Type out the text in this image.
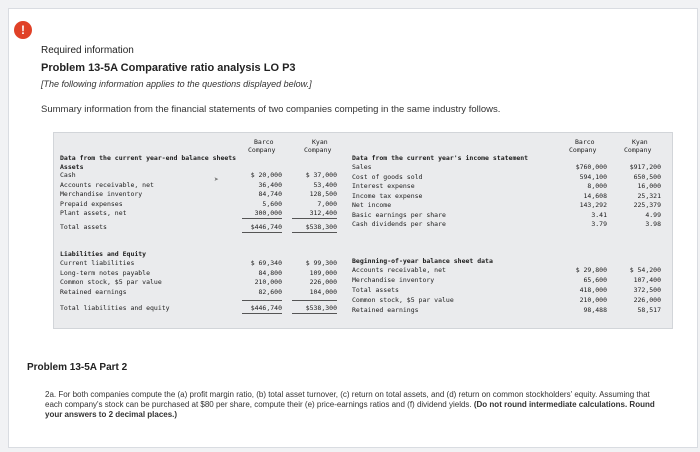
!
Required information
Problem 13-5A Comparative ratio analysis LO P3
[The following information applies to the questions displayed below.]
Summary information from the financial statements of two companies competing in the same industry follows.
Barco	Kyan
Company	Company
Data from the current year-end balance sheets
Assets
Cash	$ 20,000	$ 37,000
Accounts receivable, net	36,400	53,400
Merchandise inventory	84,740	128,500
Prepaid expenses	5,600	7,000
Plant assets, net	300,000	312,400
Total assets	$446,740	$538,300
Liabilities and Equity
Current liabilities	$ 69,340	$ 99,300
Long-term notes payable	84,800	109,000
Common stock, $5 par value	210,000	226,000
Retained earnings	82,600	104,000
Total liabilities and equity	$446,740	$538,300
Barco	Kyan
Company	Company
Data from the current year's income statement
Sales	$760,000	$917,200
Cost of goods sold	594,100	650,500
Interest expense	8,000	16,000
Income tax expense	14,608	25,321
Net income	143,292	225,379
Basic earnings per share	3.41	4.99
Cash dividends per share	3.79	3.98
Beginning-of-year balance sheet data
Accounts receivable, net	$ 29,800	$ 54,200
Merchandise inventory	65,600	107,400
Total assets	418,000	372,500
Common stock, $5 par value	210,000	226,000
Retained earnings	98,488	58,517
➤
Problem 13-5A Part 2
2a. For both companies compute the (a) profit margin ratio, (b) total asset turnover, (c) return on total assets, and (d) return on common stockholders' equity. Assuming that each company's stock can be purchased at $80 per share, compute their (e) price-earnings ratios and (f) dividend yields. (Do not round intermediate calculations. Round your answers to 2 decimal places.)
